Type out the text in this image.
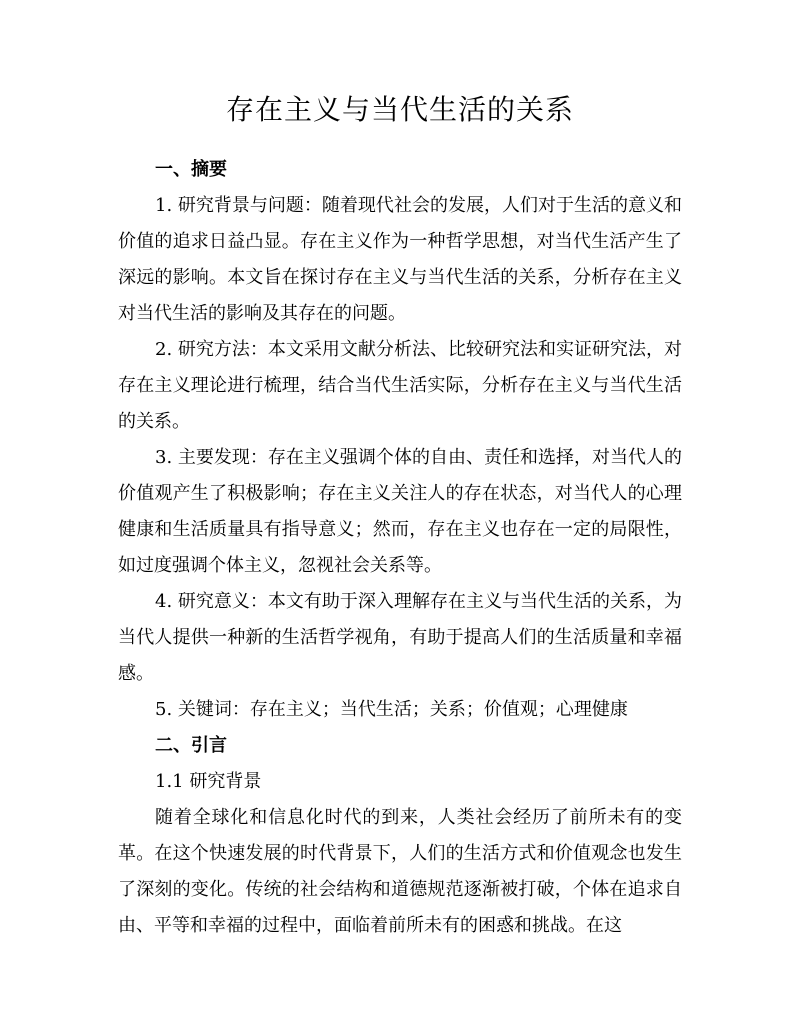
存在主义与当代生活的关系
一、摘要

1. 研究背景与问题：随着现代社会的发展，人们对于生活的意义和价值的追求日益凸显。存在主义作为一种哲学思想，对当代生活产生了深远的影响。本文旨在探讨存在主义与当代生活的关系，分析存在主义对当代生活的影响及其存在的问题。

2. 研究方法：本文采用文献分析法、比较研究法和实证研究法，对存在主义理论进行梳理，结合当代生活实际，分析存在主义与当代生活的关系。

3. 主要发现：存在主义强调个体的自由、责任和选择，对当代人的价值观产生了积极影响；存在主义关注人的存在状态，对当代人的心理健康和生活质量具有指导意义；然而，存在主义也存在一定的局限性，如过度强调个体主义，忽视社会关系等。

4. 研究意义：本文有助于深入理解存在主义与当代生活的关系，为当代人提供一种新的生活哲学视角，有助于提高人们的生活质量和幸福感。

5. 关键词：存在主义；当代生活；关系；价值观；心理健康

二、引言

1.1 研究背景

随着全球化和信息化时代的到来，人类社会经历了前所未有的变革。在这个快速发展的时代背景下，人们的生活方式和价值观念也发生了深刻的变化。传统的社会结构和道德规范逐渐被打破，个体在追求自由、平等和幸福的过程中，面临着前所未有的困惑和挑战。在这
